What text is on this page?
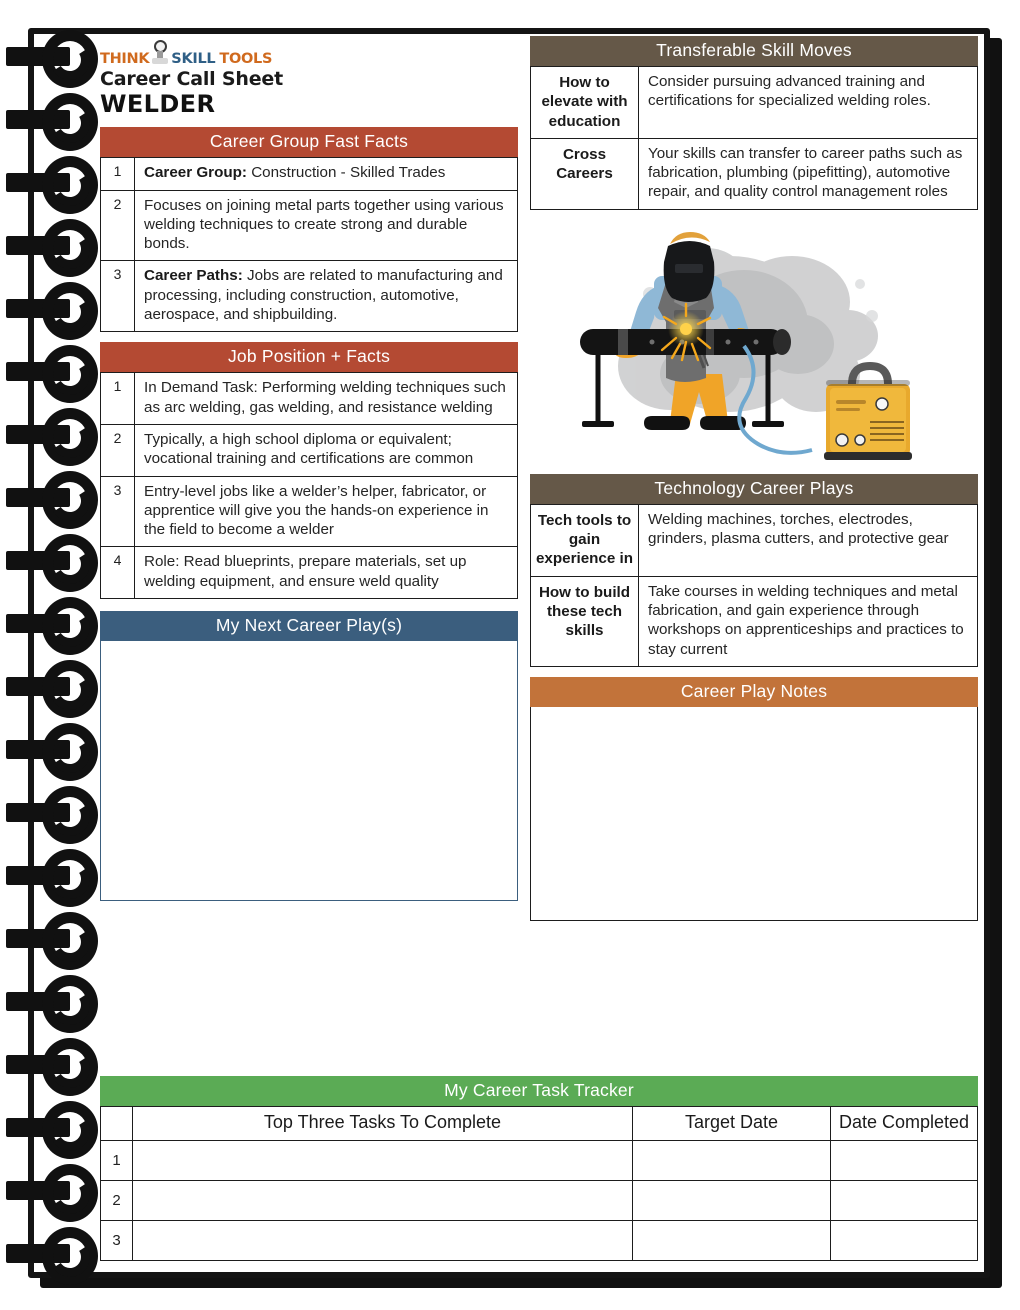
THINK SKILL TOOLS
Career Call Sheet
WELDER
Career Group Fast Facts
1	Career Group: Construction - Skilled Trades
2	Focuses on joining metal parts together using various welding techniques to create strong and durable bonds.
3	Career Paths: Jobs are related to manufacturing and processing, including construction, automotive, aerospace, and shipbuilding.
Job Position + Facts
1	In Demand Task: Performing welding techniques such as arc welding, gas welding, and resistance welding
2	Typically, a high school diploma or equivalent; vocational training and certifications are common
3	Entry-level jobs like a welder’s helper, fabricator, or apprentice will give you the hands-on experience in the field to become a welder
4	Role: Read blueprints, prepare materials, set up welding equipment, and ensure weld quality
My Next Career Play(s)
Transferable Skill Moves
How to elevate with education	Consider pursuing advanced training and certifications for specialized welding roles.
Cross Careers	Your skills can transfer to career paths such as fabrication, plumbing (pipefitting), automotive repair, and quality control management roles
Technology Career Plays
Tech tools to gain experience in	Welding machines, torches, electrodes, grinders, plasma cutters, and protective gear
How to build these tech skills	Take courses in welding techniques and metal fabrication, and gain experience through workshops on apprenticeships and practices to stay current
Career Play Notes
My Career Task Tracker
	Top Three Tasks To Complete	Target Date	Date Completed
1			
2			
3			
